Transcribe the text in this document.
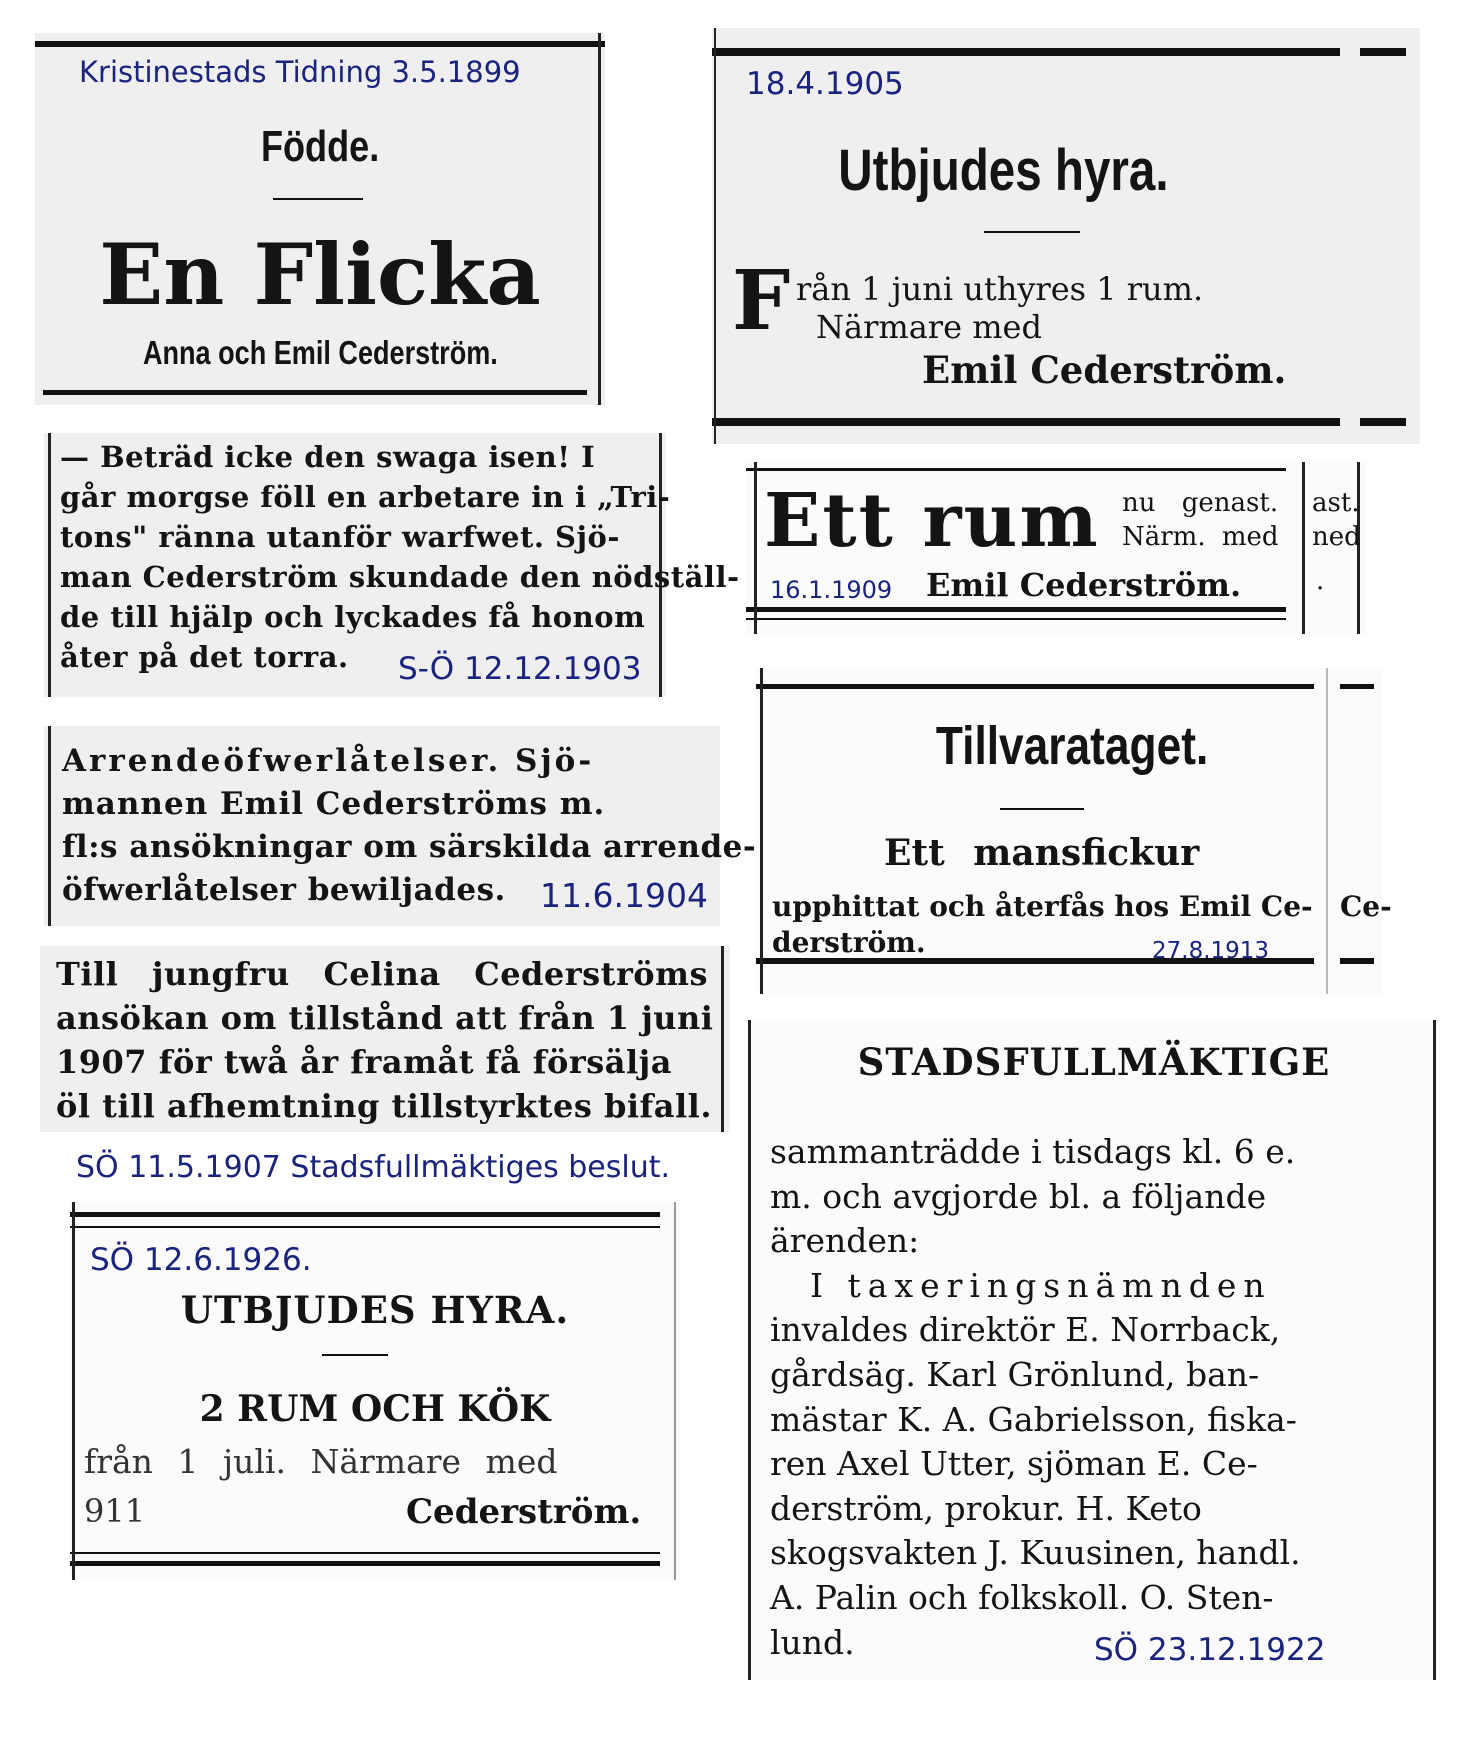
Kristinestads Tidning 3.5.1899
Födde.
En Flicka
Anna och Emil Cederström.
18.4.1905
Utbjudes hyra.
F rån 1 juni uthyres 1 rum.
Närmare med
Emil Cederström.
— Beträd icke den swaga isen! I
går morgse föll en arbetare in i „Tri-
tons" ränna utanför warfwet. Sjö-
man Cederström skundade den nödställ-
de till hjälp och lyckades få honom
åter på det torra.	S-Ö 12.12.1903
Ett rum nu genast.
Närm. med
16.1.1909 Emil Cederström.
ast.
ned
.
Arrendeöfwerlåtelser. Sjö-
mannen Emil Cederströms m.
fl:s ansökningar om särskilda arrende-
öfwerlåtelser bewiljades.	11.6.1904
Tillvarataget.
Ett mansfickur
upphittat och återfås hos Emil Ce-
derström.	27.8.1913
Ce-
Till jungfru Celina Cederströms
ansökan om tillstånd att från 1 juni
1907 för twå år framåt få försälja
öl till afhemtning tillstyrktes bifall.
SÖ 11.5.1907 Stadsfullmäktiges beslut.
SÖ 12.6.1926.
UTBJUDES HYRA.
2 RUM OCH KÖK
från 1 juli. Närmare med
911	Cederström.
STADSFULLMÄKTIGE
sammanträdde i tisdags kl. 6 e.
m. och avgjorde bl. a följande
ärenden:
I taxeringsnämnden
invaldes direktör E. Norrback,
gårdsäg. Karl Grönlund, ban-
mästar K. A. Gabrielsson, fiska-
ren Axel Utter, sjöman E. Ce-
derström, prokur. H. Keto
skogsvakten J. Kuusinen, handl.
A. Palin och folkskoll. O. Sten-
lund.	SÖ 23.12.1922
